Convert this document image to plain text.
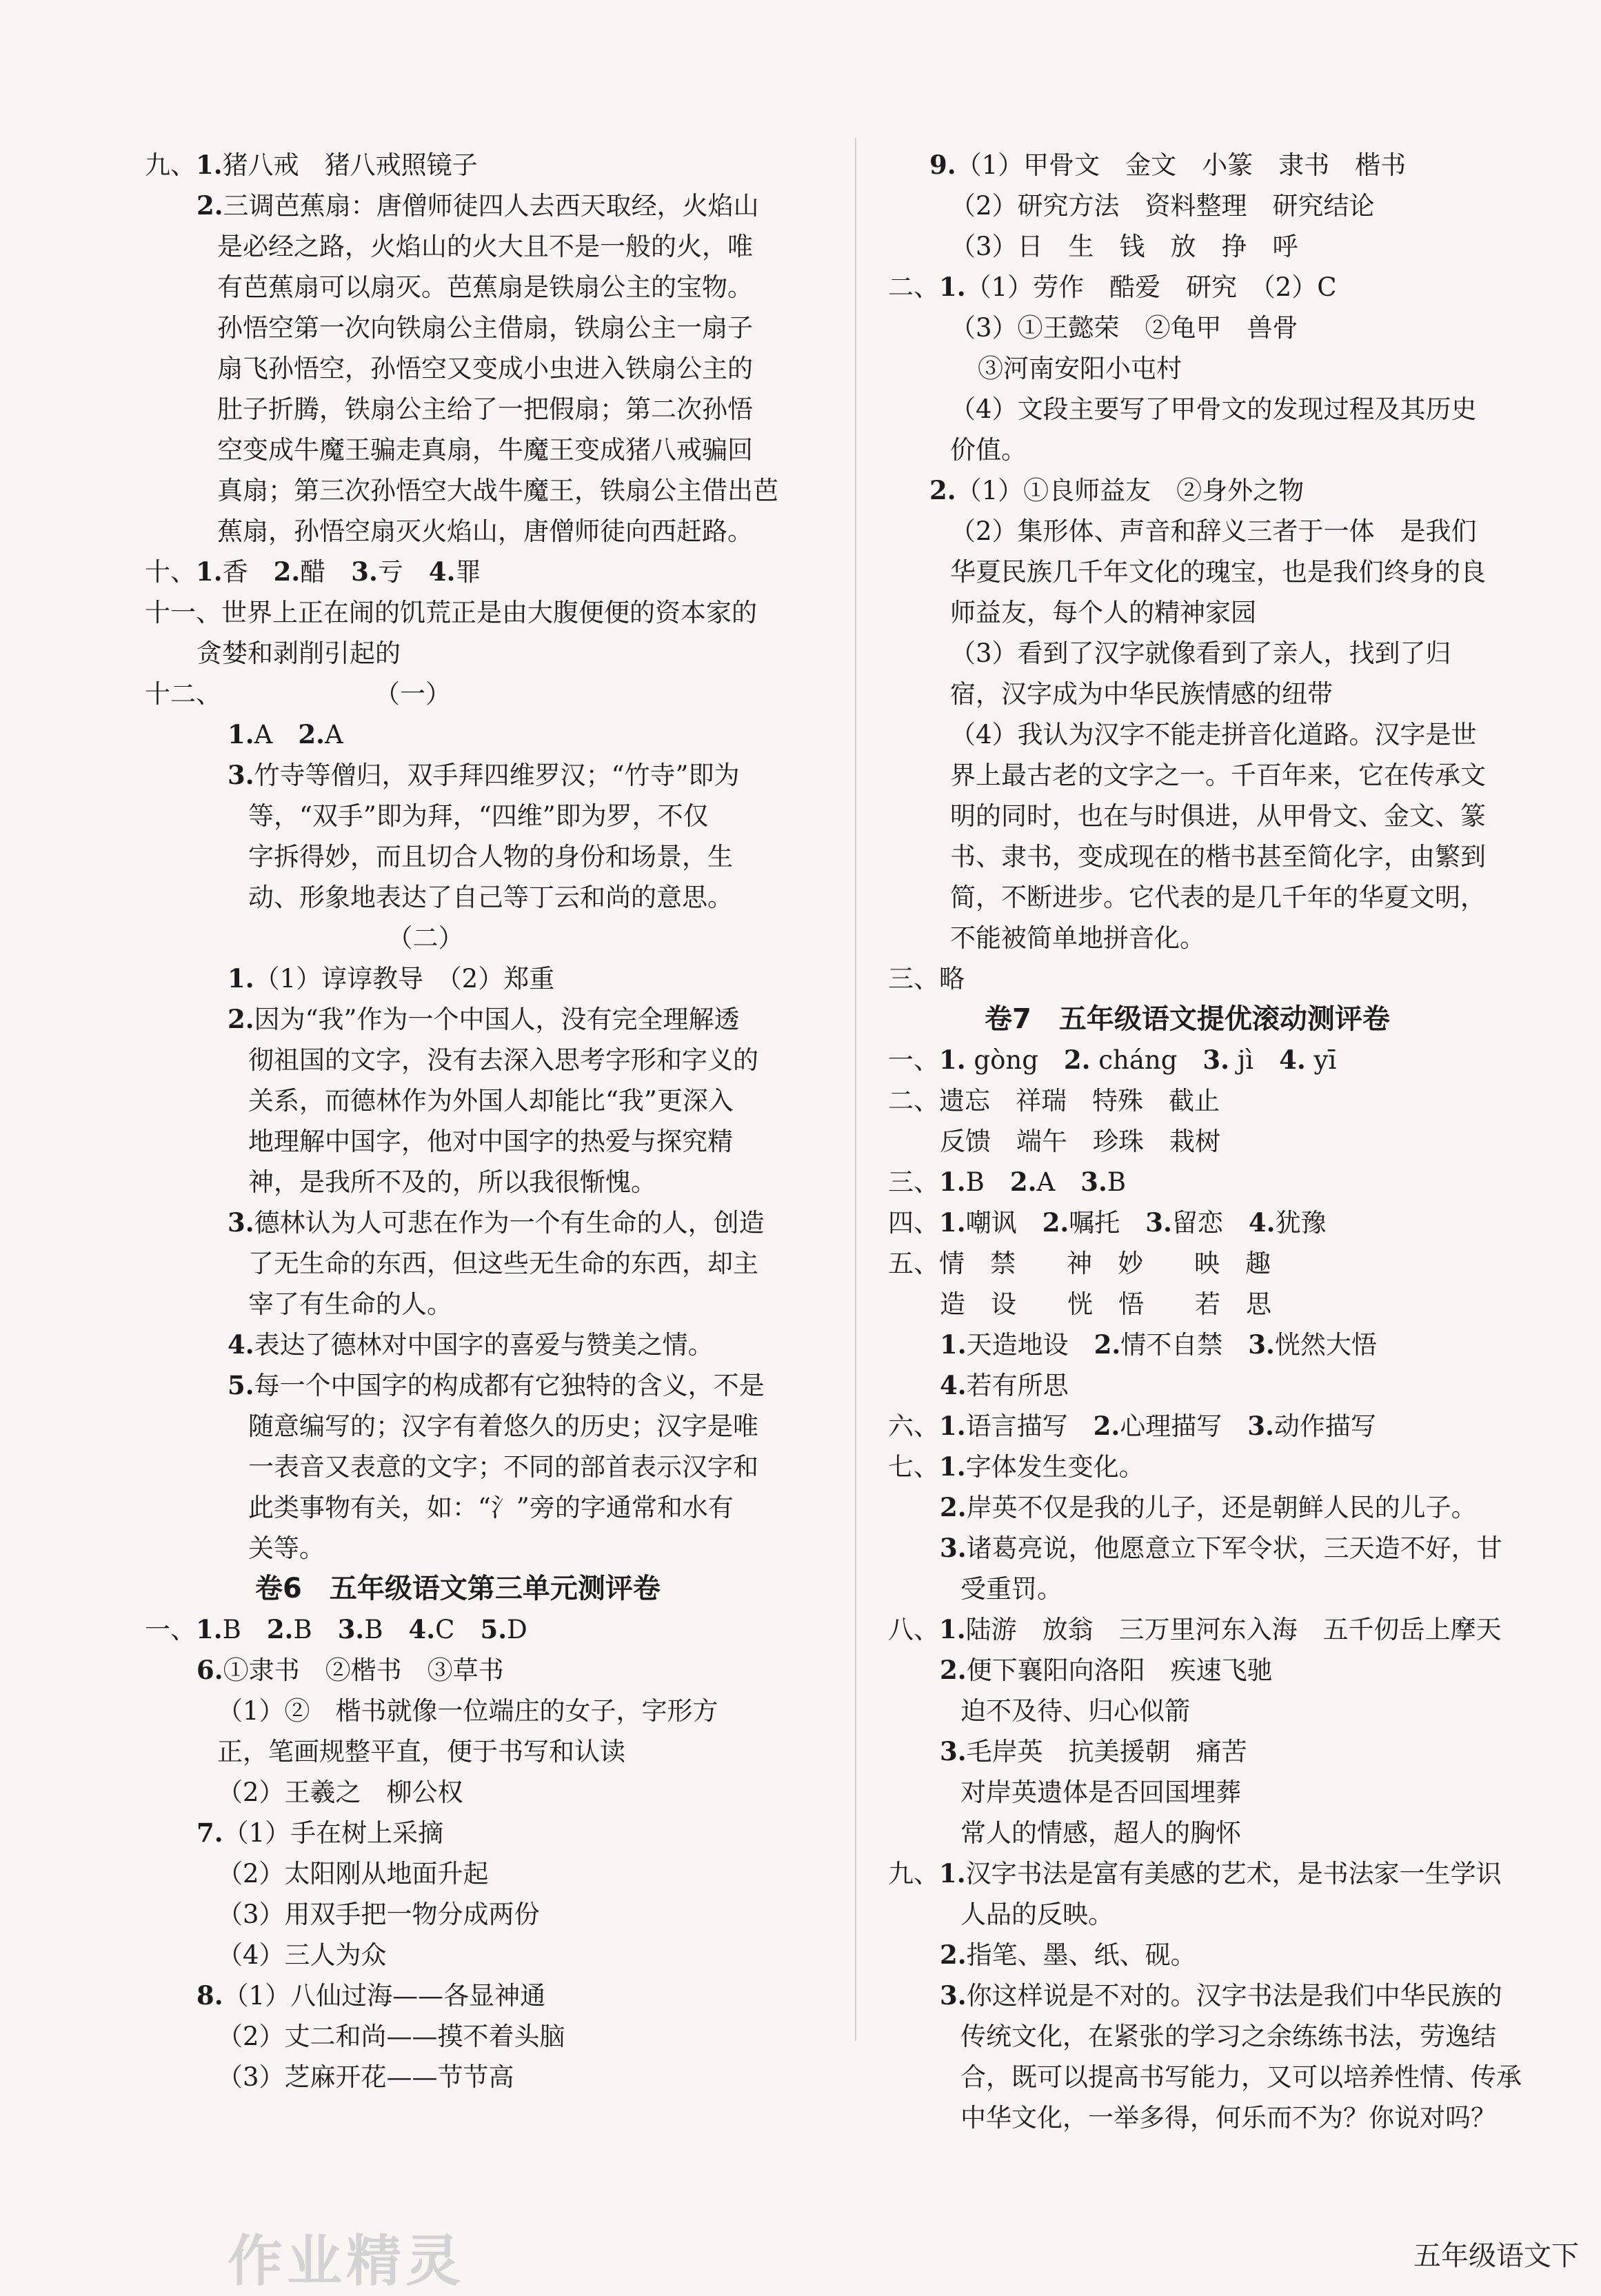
九、1.猪八戒　猪八戒照镜子
2.三调芭蕉扇：唐僧师徒四人去西天取经，火焰山
是必经之路，火焰山的火大且不是一般的火，唯
有芭蕉扇可以扇灭。芭蕉扇是铁扇公主的宝物。
孙悟空第一次向铁扇公主借扇，铁扇公主一扇子
扇飞孙悟空，孙悟空又变成小虫进入铁扇公主的
肚子折腾，铁扇公主给了一把假扇；第二次孙悟
空变成牛魔王骗走真扇，牛魔王变成猪八戒骗回
真扇；第三次孙悟空大战牛魔王，铁扇公主借出芭
蕉扇，孙悟空扇灭火焰山，唐僧师徒向西赶路。
十、1.香　2.醋　3.亏　4.罪
十一、世界上正在闹的饥荒正是由大腹便便的资本家的
贪婪和剥削引起的
十二、　　　　　　　（一）
1.A　2.A
3.竹寺等僧归，双手拜四维罗汉；“竹寺”即为
等，“双手”即为拜，“四维”即为罗，不仅
字拆得妙，而且切合人物的身份和场景，生
动、形象地表达了自己等丁云和尚的意思。
　　　　　　　　　　（二）
1.（1）谆谆教导　（2）郑重
2.因为“我”作为一个中国人，没有完全理解透
彻祖国的文字，没有去深入思考字形和字义的
关系，而德林作为外国人却能比“我”更深入
地理解中国字，他对中国字的热爱与探究精
神，是我所不及的，所以我很惭愧。
3.德林认为人可悲在作为一个有生命的人，创造
了无生命的东西，但这些无生命的东西，却主
宰了有生命的人。
4.表达了德林对中国字的喜爱与赞美之情。
5.每一个中国字的构成都有它独特的含义，不是
随意编写的；汉字有着悠久的历史；汉字是唯
一表音又表意的文字；不同的部首表示汉字和
此类事物有关，如：“氵”旁的字通常和水有
关等。
卷6　五年级语文第三单元测评卷
一、1.B　2.B　3.B　4.C　5.D
6.①隶书　②楷书　③草书
（1）②　楷书就像一位端庄的女子，字形方
正，笔画规整平直，便于书写和认读
（2）王羲之　柳公权
7.（1）手在树上采摘
（2）太阳刚从地面升起
（3）用双手把一物分成两份
（4）三人为众
8.（1）八仙过海——各显神通
（2）丈二和尚——摸不着头脑
（3）芝麻开花——节节高
9.（1）甲骨文　金文　小篆　隶书　楷书
（2）研究方法　资料整理　研究结论
（3）日　生　钱　放　挣　呼
二、1.（1）劳作　酷爱　研究　（2）C
（3）①王懿荣　②龟甲　兽骨
③河南安阳小屯村
（4）文段主要写了甲骨文的发现过程及其历史
价值。
2.（1）①良师益友　②身外之物
（2）集形体、声音和辞义三者于一体　是我们
华夏民族几千年文化的瑰宝，也是我们终身的良
师益友，每个人的精神家园
（3）看到了汉字就像看到了亲人，找到了归
宿，汉字成为中华民族情感的纽带
（4）我认为汉字不能走拼音化道路。汉字是世
界上最古老的文字之一。千百年来，它在传承文
明的同时，也在与时俱进，从甲骨文、金文、篆
书、隶书，变成现在的楷书甚至简化字，由繁到
简，不断进步。它代表的是几千年的华夏文明，
不能被简单地拼音化。
三、略
卷7　五年级语文提优滚动测评卷
一、1. gòng　2. cháng　3. jì　4. yī
二、遗忘　祥瑞　特殊　截止
反馈　端午　珍珠　栽树
三、1.B　2.A　3.B
四、1.嘲讽　2.嘱托　3.留恋　4.犹豫
五、情　禁　　神　妙　　映　趣
造　设　　恍　悟　　若　思
1.天造地设　2.情不自禁　3.恍然大悟
4.若有所思
六、1.语言描写　2.心理描写　3.动作描写
七、1.字体发生变化。
2.岸英不仅是我的儿子，还是朝鲜人民的儿子。
3.诸葛亮说，他愿意立下军令状，三天造不好，甘
受重罚。
八、1.陆游　放翁　三万里河东入海　五千仞岳上摩天
2.便下襄阳向洛阳　疾速飞驰
迫不及待、归心似箭
3.毛岸英　抗美援朝　痛苦
对岸英遗体是否回国埋葬
常人的情感，超人的胸怀
九、1.汉字书法是富有美感的艺术，是书法家一生学识
人品的反映。
2.指笔、墨、纸、砚。
3.你这样说是不对的。汉字书法是我们中华民族的
传统文化，在紧张的学习之余练练书法，劳逸结
合，既可以提高书写能力，又可以培养性情、传承
中华文化，一举多得，何乐而不为？你说对吗？
作业精灵	五年级语文下
